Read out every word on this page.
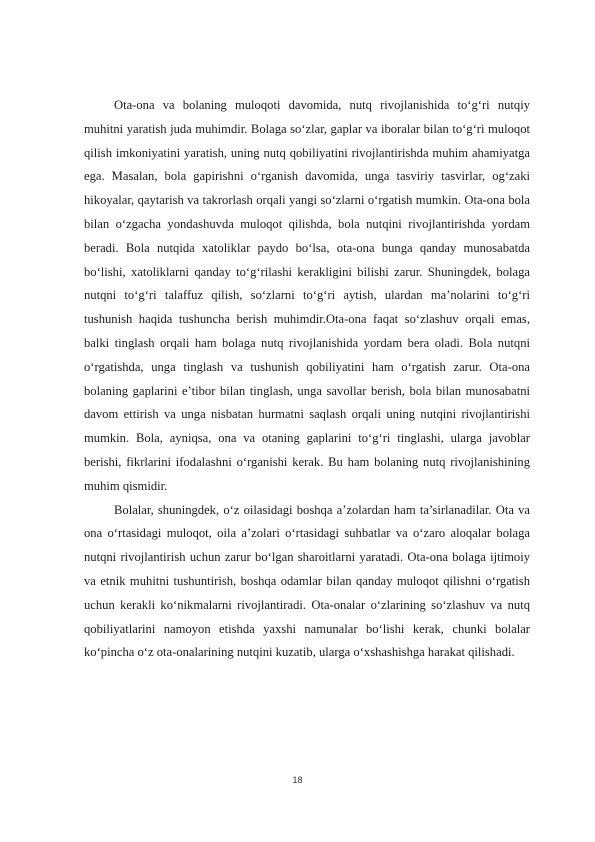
Ota-ona va bolaning muloqoti davomida, nutq rivojlanishida to‘g‘ri nutqiy muhitni yaratish juda muhimdir. Bolaga so‘zlar, gaplar va iboralar bilan to‘g‘ri muloqot qilish imkoniyatini yaratish, uning nutq qobiliyatini rivojlantirishda muhim ahamiyatga ega. Masalan, bola gapirishni o‘rganish davomida, unga tasviriy tasvirlar, og‘zaki hikoyalar, qaytarish va takrorlash orqali yangi so‘zlarni o‘rgatish mumkin. Ota-ona bola bilan o‘zgacha yondashuvda muloqot qilishda, bola nutqini rivojlantirishda yordam beradi. Bola nutqida xatoliklar paydo bo‘lsa, ota-ona bunga qanday munosabatda bo‘lishi, xatoliklarni qanday to‘g‘rilashi kerakligini bilishi zarur. Shuningdek, bolaga nutqni to‘g‘ri talaffuz qilish, so‘zlarni to‘g‘ri aytish, ulardan ma’nolarini to‘g‘ri tushunish haqida tushuncha berish muhimdir.Ota-ona faqat so‘zlashuv orqali emas, balki tinglash orqali ham bolaga nutq rivojlanishida yordam bera oladi. Bola nutqni o‘rgatishda, unga tinglash va tushunish qobiliyatini ham o‘rgatish zarur. Ota-ona bolaning gaplarini e’tibor bilan tinglash, unga savollar berish, bola bilan munosabatni davom ettirish va unga nisbatan hurmatni saqlash orqali uning nutqini rivojlantirishi mumkin. Bola, ayniqsa, ona va otaning gaplarini to‘g‘ri tinglashi, ularga javoblar berishi, fikrlarini ifodalashni o‘rganishi kerak. Bu ham bolaning nutq rivojlanishining muhim qismidir.

Bolalar, shuningdek, o‘z oilasidagi boshqa a’zolardan ham ta’sirlanadilar. Ota va ona o‘rtasidagi muloqot, oila a’zolari o‘rtasidagi suhbatlar va o‘zaro aloqalar bolaga nutqni rivojlantirish uchun zarur bo‘lgan sharoitlarni yaratadi. Ota-ona bolaga ijtimoiy va etnik muhitni tushuntirish, boshqa odamlar bilan qanday muloqot qilishni o‘rgatish uchun kerakli ko‘nikmalarni rivojlantiradi. Ota-onalar o‘zlarining so‘zlashuv va nutq qobiliyatlarini namoyon etishda yaxshi namunalar bo‘lishi kerak, chunki bolalar ko‘pincha o‘z ota-onalarining nutqini kuzatib, ularga o‘xshashishga harakat qilishadi.

18
